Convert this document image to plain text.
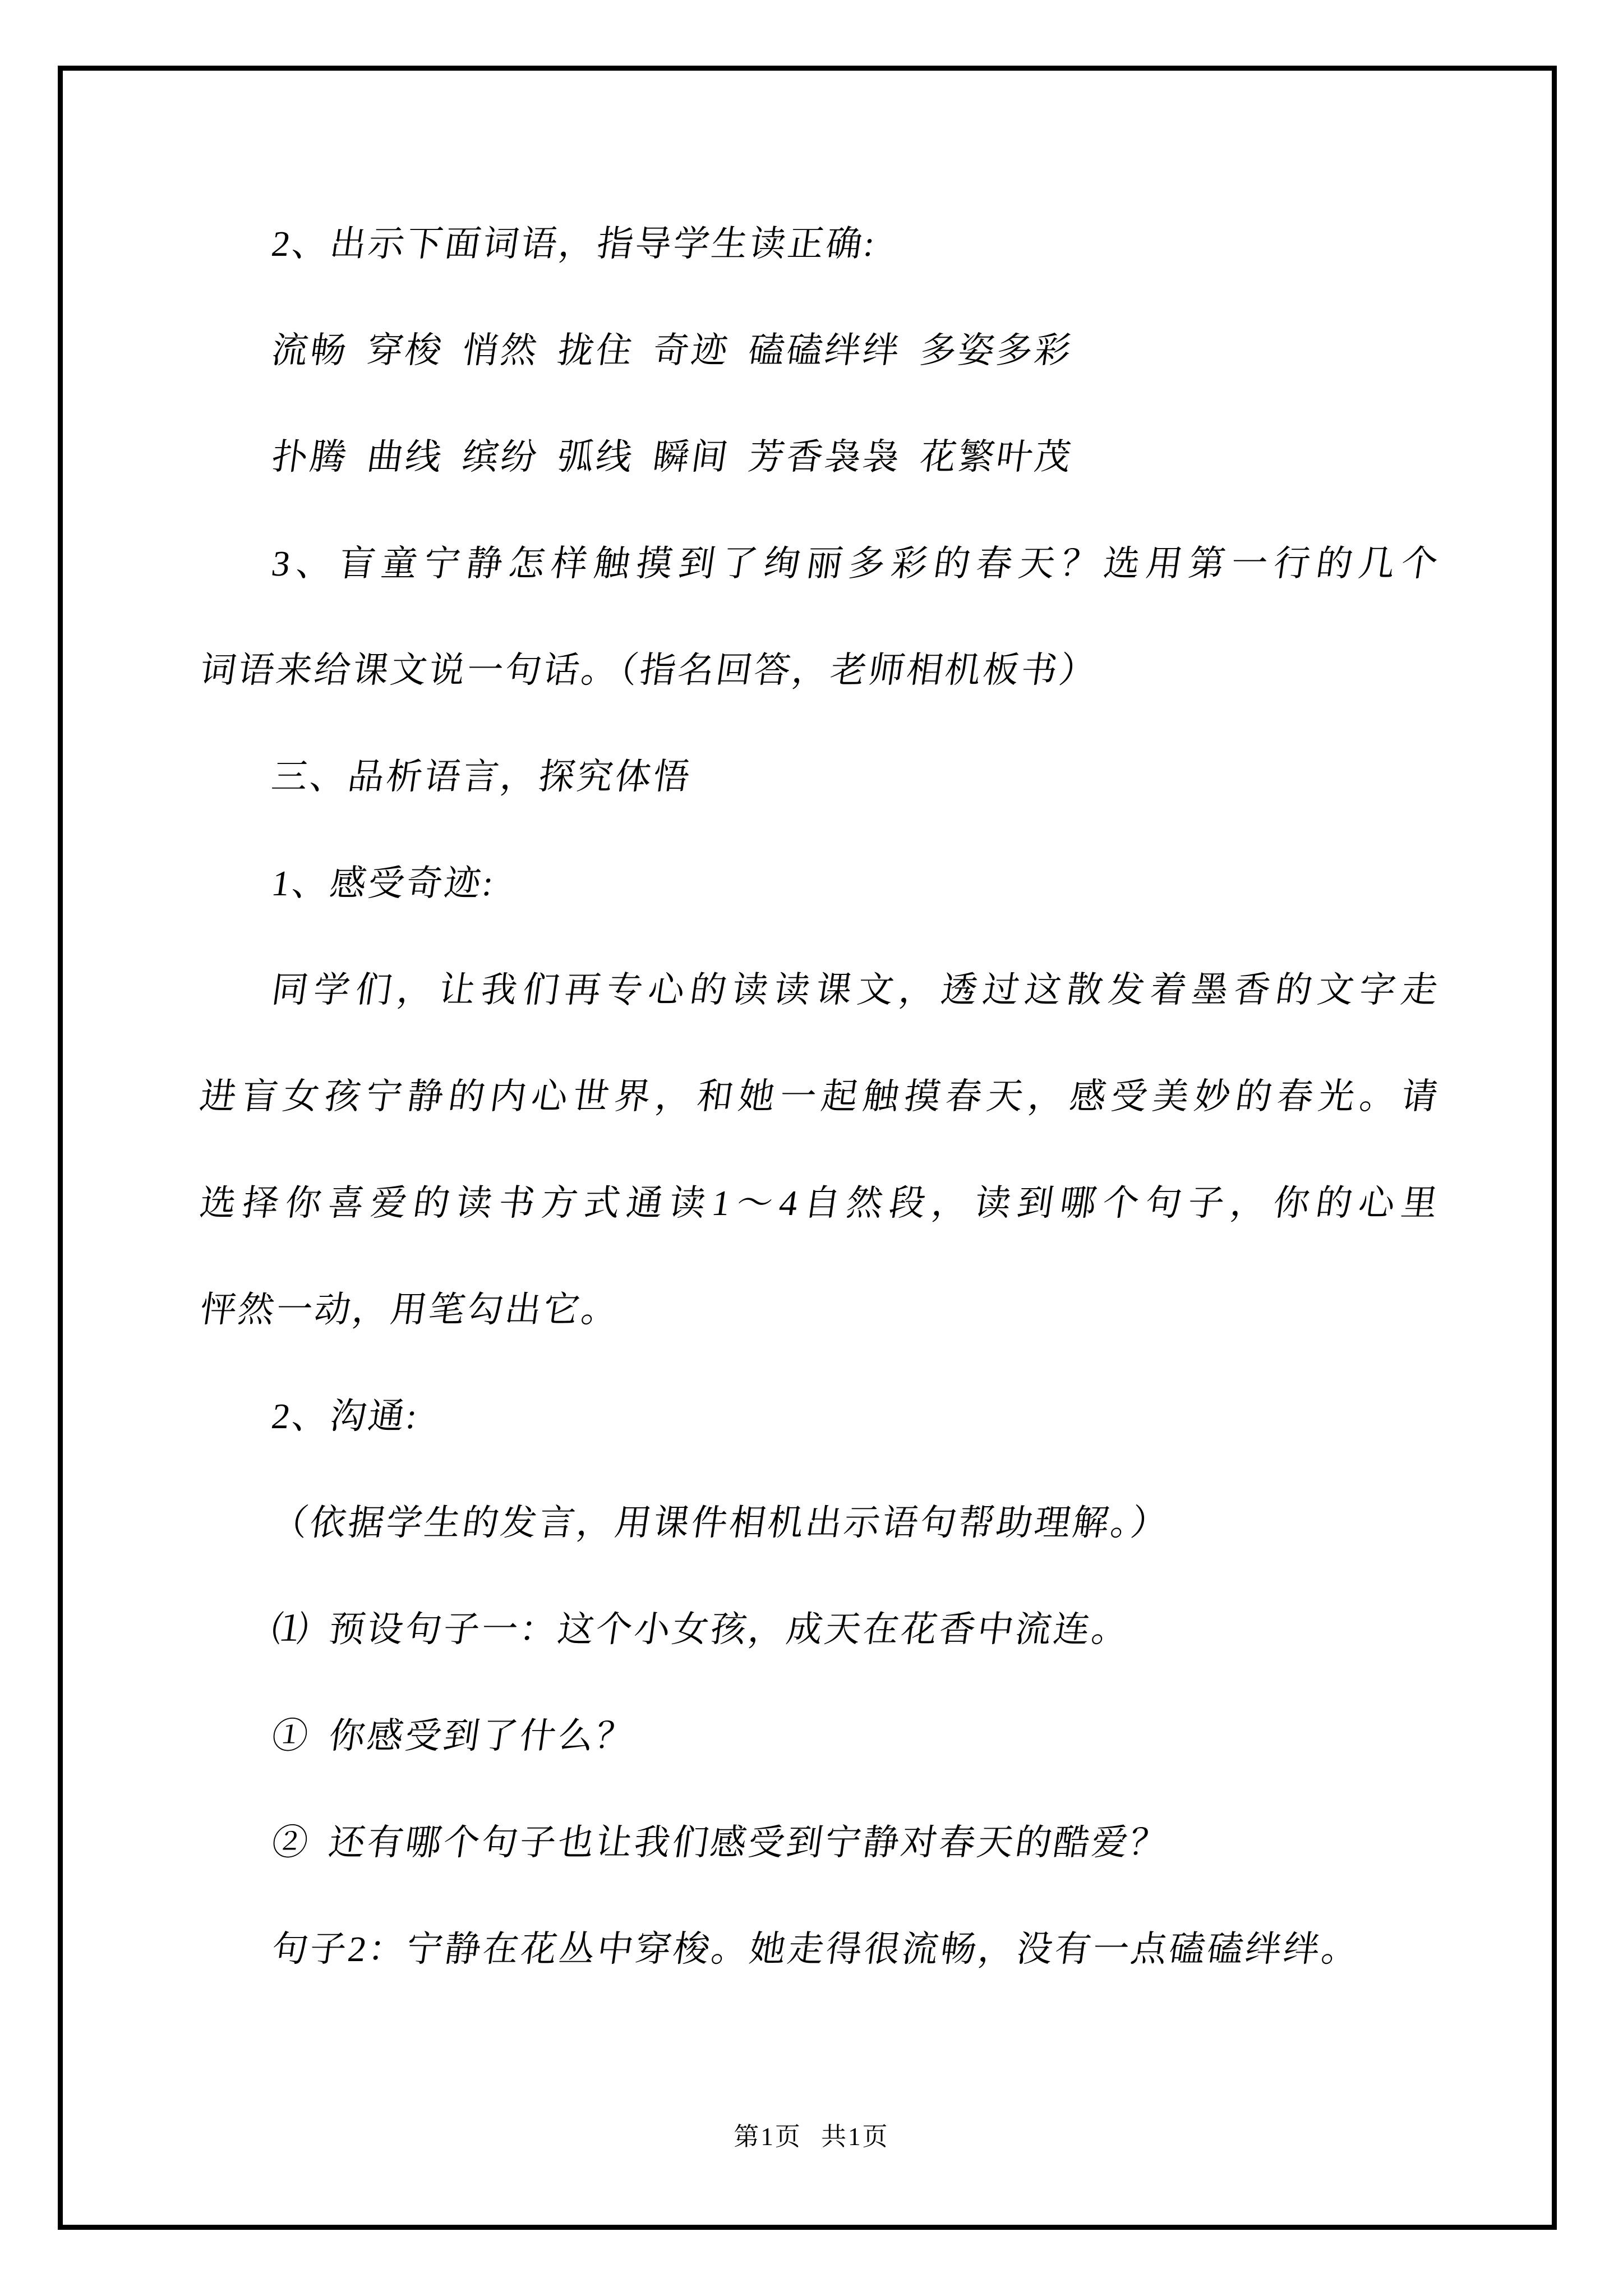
2、出示下面词语，指导学生读正确:
流畅 穿梭 悄然 拢住 奇迹 磕磕绊绊 多姿多彩
扑腾 曲线 缤纷 弧线 瞬间 芳香袅袅 花繁叶茂
3、盲童宁静怎样触摸到了绚丽多彩的春天？选用第一行的几个
词语来给课文说一句话。（指名回答，老师相机板书）
三、品析语言，探究体悟
1、感受奇迹:
同学们，让我们再专心的读读课文，透过这散发着墨香的文字走
进盲女孩宁静的内心世界，和她一起触摸春天，感受美妙的春光。请
选择你喜爱的读书方式通读1～4自然段，读到哪个句子，你的心里
怦然一动，用笔勾出它。
2、沟通:
（依据学生的发言，用课件相机出示语句帮助理解。）
⑴ 预设句子一：这个小女孩，成天在花香中流连。
① 你感受到了什么？
② 还有哪个句子也让我们感受到宁静对春天的酷爱？
句子2：宁静在花丛中穿梭。她走得很流畅，没有一点磕磕绊绊。
第1页 共1页
